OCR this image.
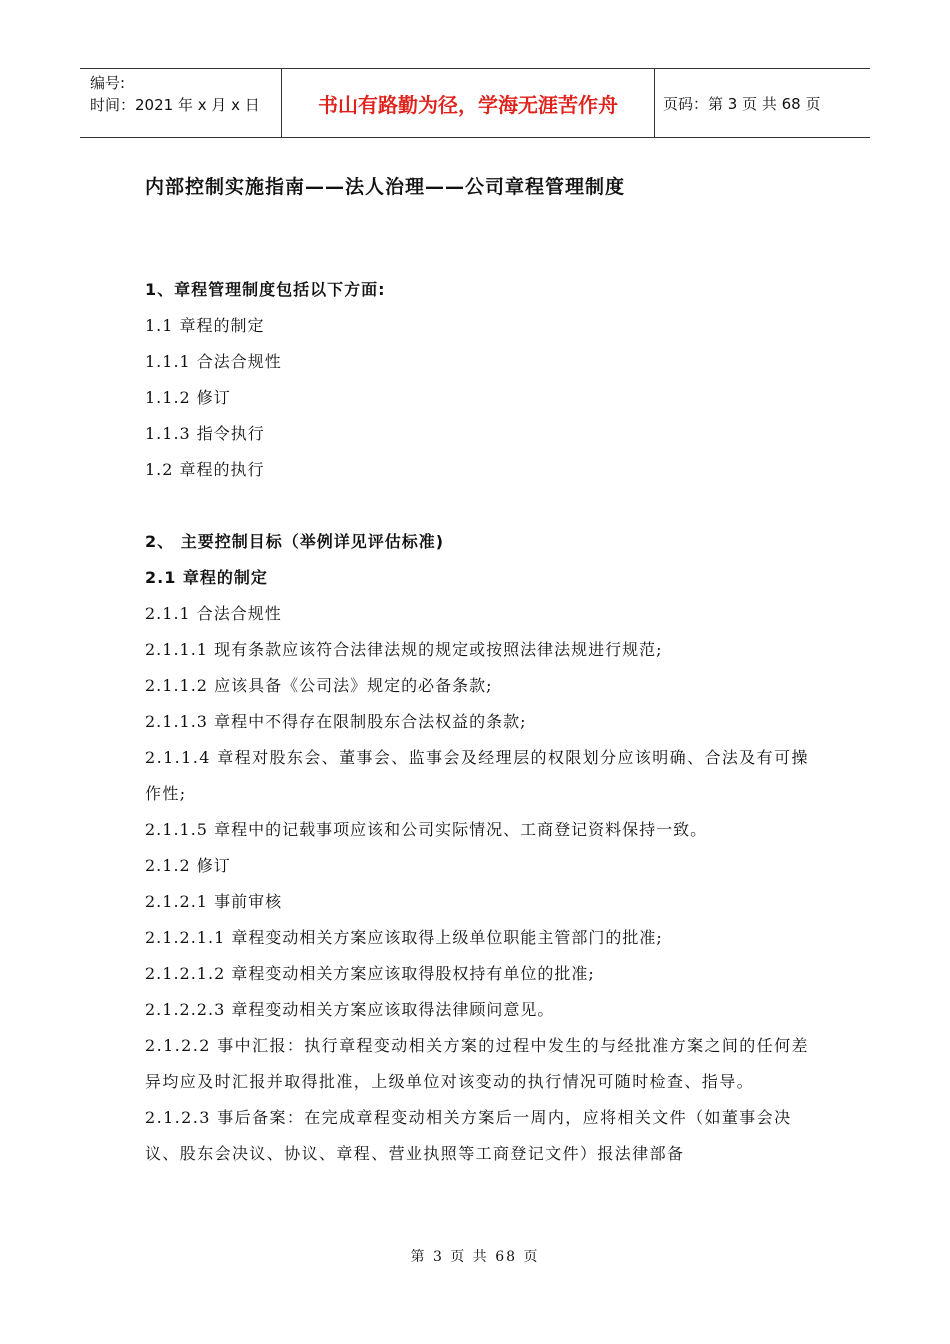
编号:
时间：2021 年 x 月 x 日	书山有路勤为径，学海无涯苦作舟	页码：第 3 页 共 68 页
内部控制实施指南——法人治理——公司章程管理制度
1、章程管理制度包括以下方面:
1.1 章程的制定
1.1.1 合法合规性
1.1.2 修订
1.1.3 指令执行
1.2 章程的执行
2、 主要控制目标（举例详见评估标准)
2.1 章程的制定
2.1.1 合法合规性
2.1.1.1 现有条款应该符合法律法规的规定或按照法律法规进行规范;
2.1.1.2 应该具备《公司法》规定的必备条款;
2.1.1.3 章程中不得存在限制股东合法权益的条款;
2.1.1.4 章程对股东会、董事会、监事会及经理层的权限划分应该明确、合法及有可操作性;
2.1.1.5 章程中的记载事项应该和公司实际情况、工商登记资料保持一致。
2.1.2 修订
2.1.2.1 事前审核
2.1.2.1.1 章程变动相关方案应该取得上级单位职能主管部门的批准;
2.1.2.1.2 章程变动相关方案应该取得股权持有单位的批准;
2.1.2.2.3 章程变动相关方案应该取得法律顾问意见。
2.1.2.2 事中汇报：执行章程变动相关方案的过程中发生的与经批准方案之间的任何差异均应及时汇报并取得批准，上级单位对该变动的执行情况可随时检查、指导。
2.1.2.3 事后备案：在完成章程变动相关方案后一周内，应将相关文件（如董事会决议、股东会决议、协议、章程、营业执照等工商登记文件）报法律部备
第 3 页 共 68 页
